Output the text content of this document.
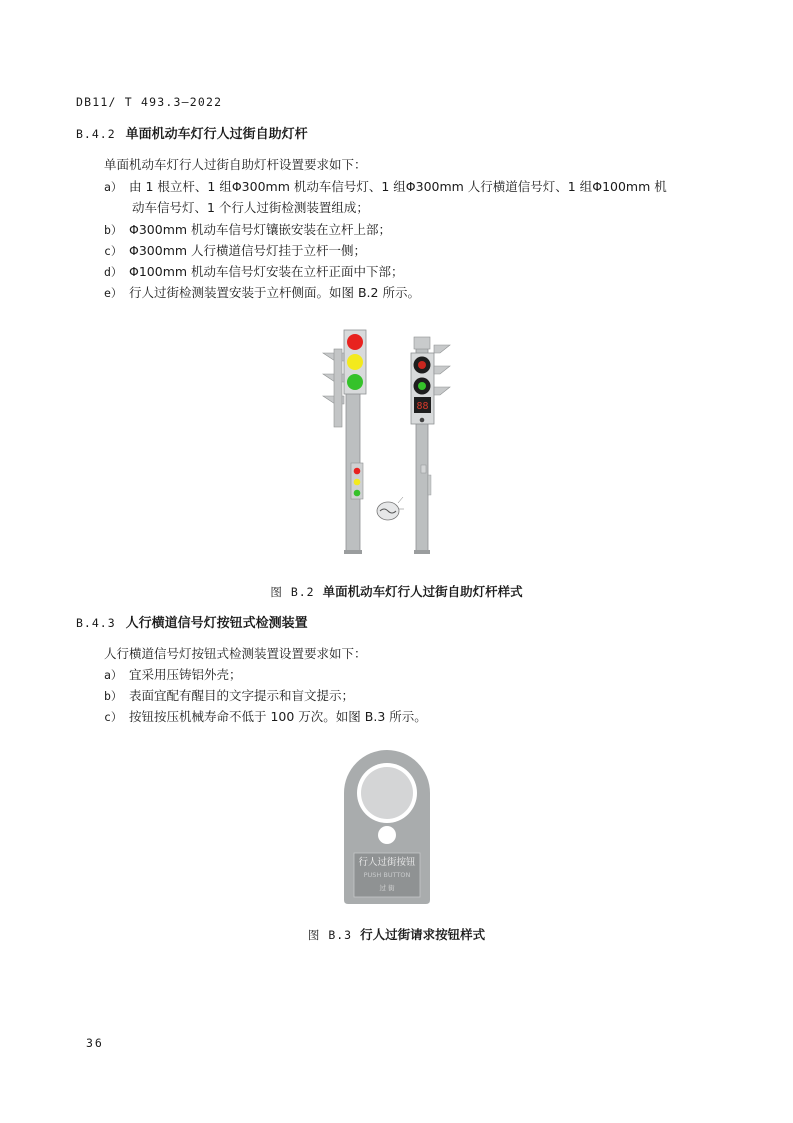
DB11/ T 493.3—2022
B.4.2 单面机动车灯行人过街自助灯杆
单面机动车灯行人过街自助灯杆设置要求如下：
a） 由 1 根立杆、1 组Φ300mm 机动车信号灯、1 组Φ300mm 人行横道信号灯、1 组Φ100mm 机
动车信号灯、1 个行人过街检测装置组成；
b） Φ300mm 机动车信号灯镶嵌安装在立杆上部；
c） Φ300mm 人行横道信号灯挂于立杆一侧；
d） Φ100mm 机动车信号灯安装在立杆正面中下部；
e） 行人过街检测装置安装于立杆侧面。如图 B.2 所示。
88
图 B.2 单面机动车灯行人过街自助灯杆样式
B.4.3 人行横道信号灯按钮式检测装置
人行横道信号灯按钮式检测装置设置要求如下：
a） 宜采用压铸铝外壳；
b） 表面宜配有醒目的文字提示和盲文提示；
c） 按钮按压机械寿命不低于 100 万次。如图 B.3 所示。
行人过街按钮
PUSH BUTTON
过 街
图 B.3 行人过街请求按钮样式
36
